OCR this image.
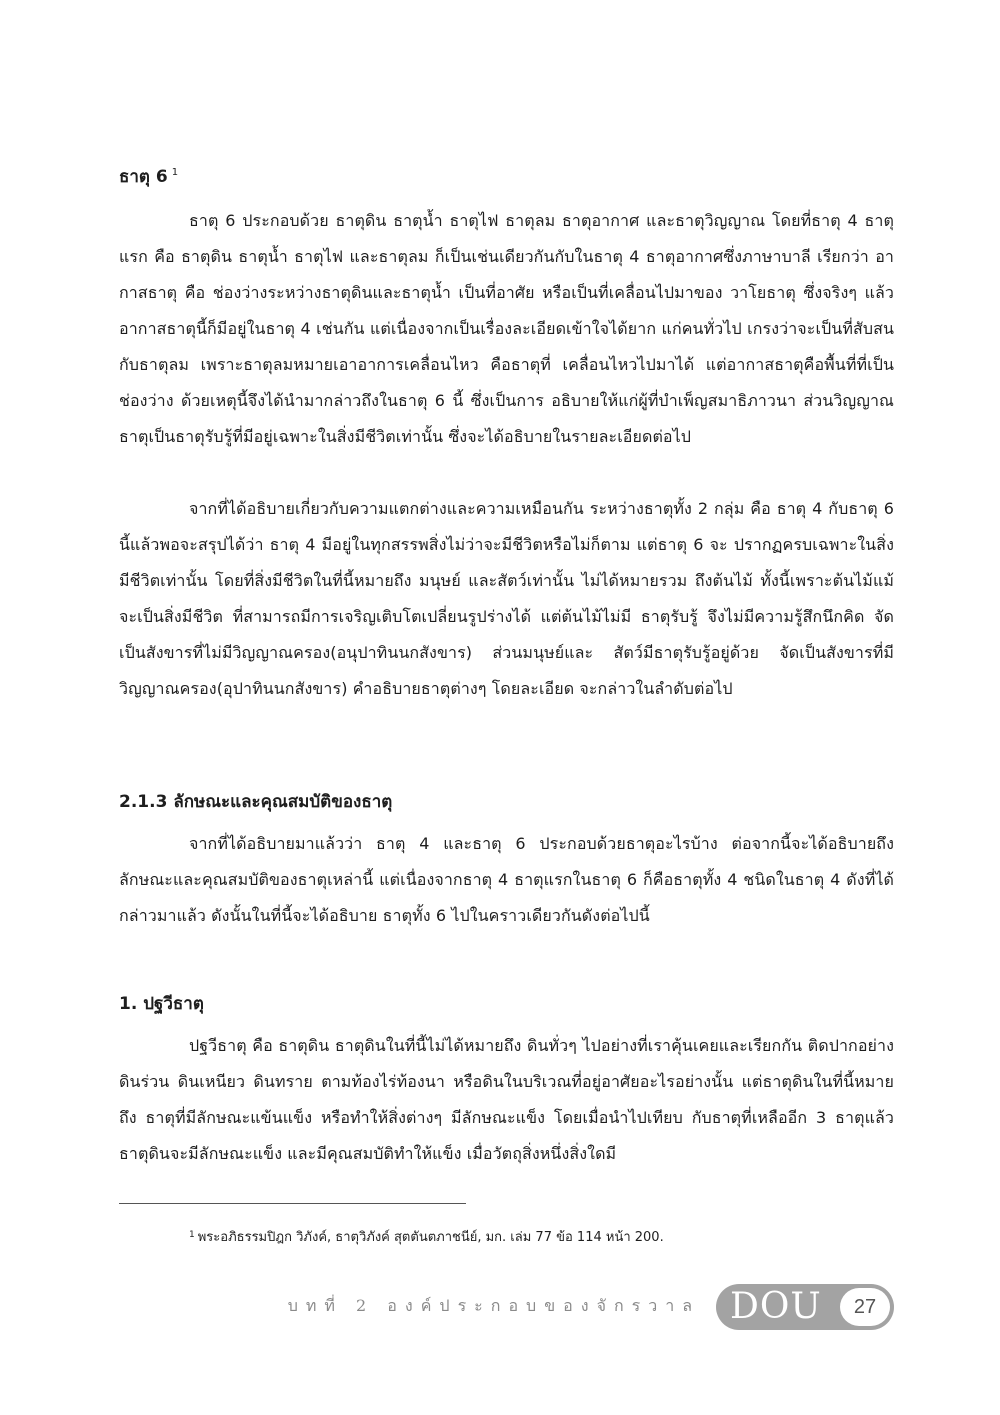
ธาตุ 6 $^1$

ธาตุ 6 ประกอบด้วย ธาตุดิน ธาตุน้ำ ธาตุไฟ ธาตุลม ธาตุอากาศ และธาตุวิญญาณ โดยที่ธาตุ 4 ธาตุแรก คือ ธาตุดิน ธาตุน้ำ ธาตุไฟ และธาตุลม ก็เป็นเช่นเดียวกันกับในธาตุ 4 ธาตุอากาศซึ่งภาษาบาลี เรียกว่า อากาสธาตุ คือ ช่องว่างระหว่างธาตุดินและธาตุน้ำ เป็นที่อาศัย หรือเป็นที่เคลื่อนไปมาของ วาโยธาตุ ซึ่งจริงๆ แล้วอากาสธาตุนี้ก็มีอยู่ในธาตุ 4 เช่นกัน แต่เนื่องจากเป็นเรื่องละเอียดเข้าใจได้ยาก แก่คนทั่วไป เกรงว่าจะเป็นที่สับสนกับธาตุลม เพราะธาตุลมหมายเอาอาการเคลื่อนไหว คือธาตุที่ เคลื่อนไหวไปมาได้ แต่อากาสธาตุคือพื้นที่ที่เป็นช่องว่าง ด้วยเหตุนี้จึงได้นำมากล่าวถึงในธาตุ 6 นี้ ซึ่งเป็นการ อธิบายให้แก่ผู้ที่บำเพ็ญสมาธิภาวนา ส่วนวิญญาณธาตุเป็นธาตุรับรู้ที่มีอยู่เฉพาะในสิ่งมีชีวิตเท่านั้น ซึ่งจะได้อธิบายในรายละเอียดต่อไป

จากที่ได้อธิบายเกี่ยวกับความแตกต่างและความเหมือนกัน ระหว่างธาตุทั้ง 2 กลุ่ม คือ ธาตุ 4 กับธาตุ 6 นี้แล้วพอจะสรุปได้ว่า ธาตุ 4 มีอยู่ในทุกสรรพสิ่งไม่ว่าจะมีชีวิตหรือไม่ก็ตาม แต่ธาตุ 6 จะ ปรากฏครบเฉพาะในสิ่งมีชีวิตเท่านั้น โดยที่สิ่งมีชีวิตในที่นี้หมายถึง มนุษย์ และสัตว์เท่านั้น ไม่ได้หมายรวม ถึงต้นไม้ ทั้งนี้เพราะต้นไม้แม้จะเป็นสิ่งมีชีวิต ที่สามารถมีการเจริญเติบโตเปลี่ยนรูปร่างได้ แต่ต้นไม้ไม่มี ธาตุรับรู้ จึงไม่มีความรู้สึกนึกคิด จัดเป็นสังขารที่ไม่มีวิญญาณครอง(อนุปาทินนกสังขาร) ส่วนมนุษย์และ สัตว์มีธาตุรับรู้อยู่ด้วย จัดเป็นสังขารที่มีวิญญาณครอง(อุปาทินนกสังขาร) คำอธิบายธาตุต่างๆ โดยละเอียด จะกล่าวในลำดับต่อไป

2.1.3 ลักษณะและคุณสมบัติของธาตุ

จากที่ได้อธิบายมาแล้วว่า ธาตุ 4 และธาตุ 6 ประกอบด้วยธาตุอะไรบ้าง ต่อจากนี้จะได้อธิบายถึง ลักษณะและคุณสมบัติของธาตุเหล่านี้ แต่เนื่องจากธาตุ 4 ธาตุแรกในธาตุ 6 ก็คือธาตุทั้ง 4 ชนิดในธาตุ 4 ดังที่ได้กล่าวมาแล้ว ดังนั้นในที่นี้จะได้อธิบาย ธาตุทั้ง 6 ไปในคราวเดียวกันดังต่อไปนี้

1. ปฐวีธาตุ

ปฐวีธาตุ คือ ธาตุดิน ธาตุดินในที่นี้ไม่ได้หมายถึง ดินทั่วๆ ไปอย่างที่เราคุ้นเคยและเรียกกัน ติดปากอย่าง ดินร่วน ดินเหนียว ดินทราย ตามท้องไร่ท้องนา หรือดินในบริเวณที่อยู่อาศัยอะไรอย่างนั้น แต่ธาตุดินในที่นี้หมายถึง ธาตุที่มีลักษณะแข้นแข็ง หรือทำให้สิ่งต่างๆ มีลักษณะแข็ง โดยเมื่อนำไปเทียบ กับธาตุที่เหลืออีก 3 ธาตุแล้ว ธาตุดินจะมีลักษณะแข็ง และมีคุณสมบัติทำให้แข็ง เมื่อวัตถุสิ่งหนึ่งสิ่งใดมี

$^1$ พระอภิธรรมปิฎก วิภังค์, ธาตุวิภังค์ สุตตันตภาชนีย์, มก. เล่ม 77 ข้อ 114 หน้า 200.

บทที่ 2 องค์ประกอบของจักรวาล DOU	27
